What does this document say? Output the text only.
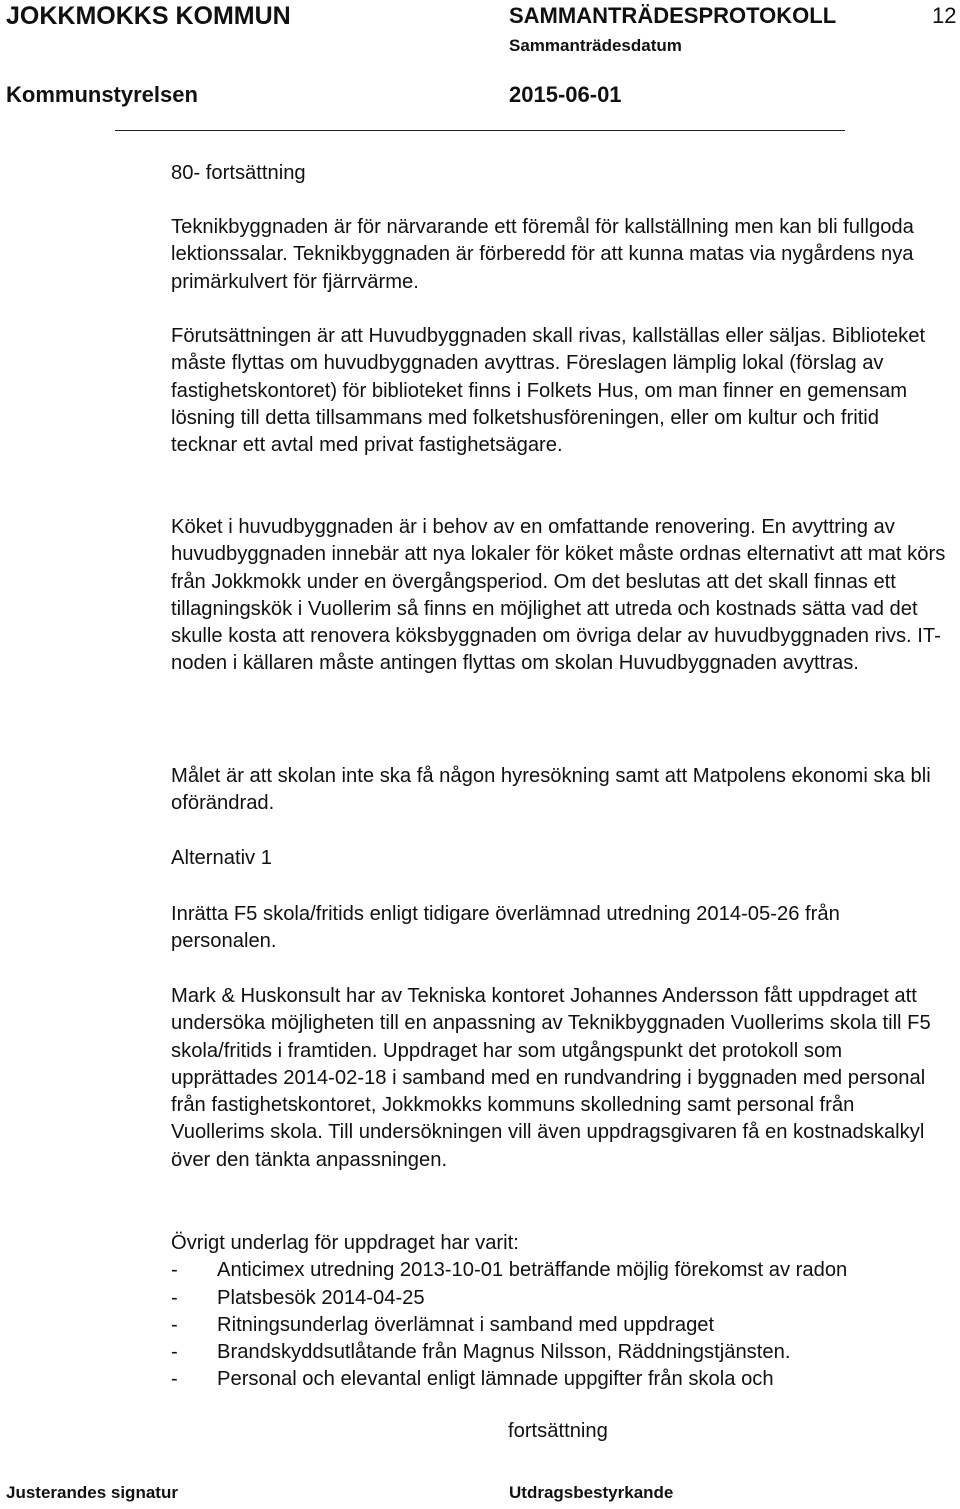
JOKKMOKKS KOMMUN	SAMMANTRÄDESPROTOKOLL	12
Sammanträdesdatum
Kommunstyrelsen	2015-06-01

80- fortsättning

Teknikbyggnaden är för närvarande ett föremål för kallställning men kan bli fullgoda lektionssalar. Teknikbyggnaden är förberedd för att kunna matas via nygårdens nya primärkulvert för fjärrvärme.

Förutsättningen är att Huvudbyggnaden skall rivas, kallställas eller säljas. Biblioteket måste flyttas om huvudbyggnaden avyttras. Föreslagen lämplig lokal (förslag av fastighetskontoret) för biblioteket finns i Folkets Hus, om man finner en gemensam lösning till detta tillsammans med folketshusföreningen, eller om kultur och fritid tecknar ett avtal med privat fastighetsägare.

Köket i huvudbyggnaden är i behov av en omfattande renovering. En avyttring av huvudbyggnaden innebär att nya lokaler för köket måste ordnas elternativt att mat körs från Jokkmokk under en övergångsperiod. Om det beslutas att det skall finnas ett tillagningskök i Vuollerim så finns en möjlighet att utreda och kostnads sätta vad det skulle kosta att renovera köksbyggnaden om övriga delar av huvudbyggnaden rivs. IT-noden i källaren måste antingen flyttas om skolan Huvudbyggnaden avyttras.

Målet är att skolan inte ska få någon hyresökning samt att Matpolens ekonomi ska bli oförändrad.

Alternativ 1

Inrätta F5 skola/fritids enligt tidigare överlämnad utredning 2014-05-26 från personalen.

Mark & Huskonsult har av Tekniska kontoret Johannes Andersson fått uppdraget att undersöka möjligheten till en anpassning av Teknikbyggnaden Vuollerims skola till F5 skola/fritids i framtiden. Uppdraget har som utgångspunkt det protokoll som upprättades 2014-02-18 i samband med en rundvandring i byggnaden med personal från fastighetskontoret, Jokkmokks kommuns skolledning samt personal från Vuollerims skola. Till undersökningen vill även uppdragsgivaren få en kostnadskalkyl över den tänkta anpassningen.

Övrigt underlag för uppdraget har varit:

- Anticimex utredning 2013-10-01 beträffande möjlig förekomst av radon
- Platsbesök 2014-04-25
- Ritningsunderlag överlämnat i samband med uppdraget
- Brandskyddsutlåtande från Magnus Nilsson, Räddningstjänsten.
- Personal och elevantal enligt lämnade uppgifter från skola och
fortsättning
Justerandes signatur	Utdragsbestyrkande
